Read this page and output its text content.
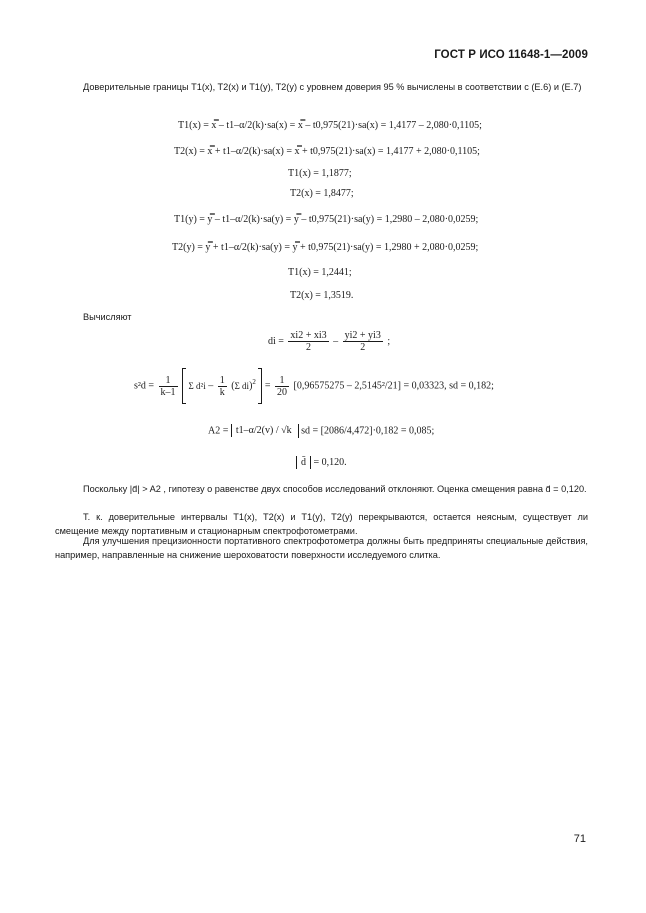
ГОСТ Р ИСО 11648-1—2009
Доверительные границы T1(x), T2(x) и T1(y), T2(y) с уровнем доверия 95 % вычислены в соответствии с (Е.6) и (Е.7)
T1(x) = x̿ – t1–α/2(k)·sa(x) = x̿ – t0,975(21)·sa(x) = 1,4177 – 2,080·0,1105;
T2(x) = x̿ + t1–α/2(k)·sa(x) = x̿ + t0,975(21)·sa(x) = 1,4177 + 2,080·0,1105;
T1(x) = 1,1877;
T2(x) = 1,8477;
T1(y) = y̿ – t1–α/2(k)·sa(y) = y̿ – t0,975(21)·sa(y) = 1,2980 – 2,080·0,0259;
T2(y) = y̿ + t1–α/2(k)·sa(y) = y̿ + t0,975(21)·sa(y) = 1,2980 + 2,080·0,0259;
T1(x) = 1,2441;
T2(x) = 1,3519.
Вычисляют
di = $\frac{xi2 + xi3}{2} - \frac{yi2 + yi3}{2}$ ;
$s^2d = \frac{1}{k-1}$ Σ $d^2i - \frac{1}{k} (\Sigma$ $di)^2 = \frac{1}{20} [0,96575275 - 2,5145^2/21] = 0,03323$, sd = 0,182;
A2 = t1–α/2(v) / √k sd = [2086/4,472]·0,182 = 0,085;
d̄ = 0,120.
Поскольку |d̄| > A2 , гипотезу о равенстве двух способов исследований отклоняют. Оценка смещения равна d̄ = 0,120.
Т. к. доверительные интервалы T1(x), T2(x) и T1(y), T2(y) перекрываются, остается неясным, существует ли смещение между портативным и стационарным спектрофотометрами.
Для улучшения прецизионности портативного спектрофотометра должны быть предприняты специальные действия, например, направленные на снижение шероховатости поверхности исследуемого слитка.
71
